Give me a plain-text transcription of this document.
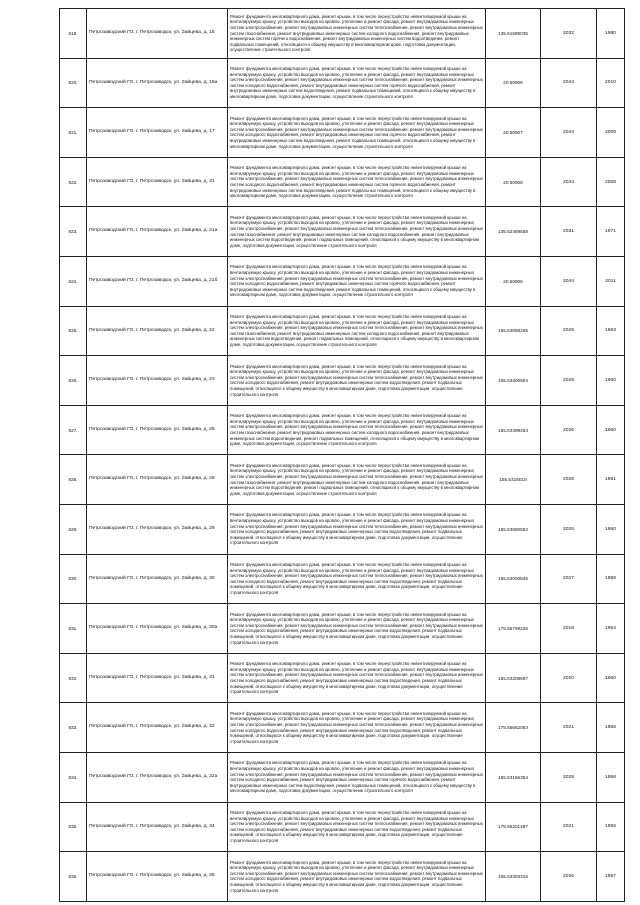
819.	Петрозаводский ГО, г. Петрозаводск, ул. Зайцева, д. 15	Ремонт фундамента многоквартирного дома, ремонт крыши, в том числе переустройство невентилируемой крыши на вентилируемую крышу, устройство выходов на кровлю, утепление и ремонт фасада, ремонт внутридомовых инженерных систем электроснабжения, ремонт внутридомовых инженерных систем теплоснабжения, ремонт внутридомовых инженерных систем газоснабжения, ремонт внутридомовых инженерных систем холодного водоснабжения, ремонт внутридомовых инженерных систем горячего водоснабжения, ремонт внутридомовых инженерных систем водоотведения, ремонт подвальных помещений, относящихся к общему имуществу в многоквартирном доме, подготовка документации, осуществление строительного контроля	135.51689035	2032	1980
820.	Петрозаводский ГО, г. Петрозаводск, ул. Зайцева, д. 15а	Ремонт фундамента многоквартирного дома, ремонт крыши, в том числе переустройство невентилируемой крыши на вентилируемую крышу, устройство выходов на кровлю, утепление и ремонт фасада, ремонт внутридомовых инженерных систем электроснабжения, ремонт внутридомовых инженерных систем теплоснабжения, ремонт внутридомовых инженерных систем холодного водоснабжения, ремонт внутридомовых инженерных систем горячего водоснабжения, ремонт внутридомовых инженерных систем водоотведения, ремонт подвальных помещений, относящихся к общему имуществу в многоквартирном доме, подготовка документации, осуществление строительного контроля	20.50906	2044	2010
821.	Петрозаводский ГО, г. Петрозаводск, ул. Зайцева, д. 17	Ремонт фундамента многоквартирного дома, ремонт крыши, в том числе переустройство невентилируемой крыши на вентилируемую крышу, устройство выходов на кровлю, утепление и ремонт фасада, ремонт внутридомовых инженерных систем электроснабжения, ремонт внутридомовых инженерных систем теплоснабжения, ремонт внутридомовых инженерных систем холодного водоснабжения, ремонт внутридомовых инженерных систем горячего водоснабжения, ремонт внутридомовых инженерных систем водоотведения, ремонт подвальных помещений, относящихся к общему имуществу в многоквартирном доме, подготовка документации, осуществление строительного контроля	20.50907	2044	2009
822.	Петрозаводский ГО, г. Петрозаводск, ул. Зайцева, д. 21	Ремонт фундамента многоквартирного дома, ремонт крыши, в том числе переустройство невентилируемой крыши на вентилируемую крышу, устройство выходов на кровлю, утепление и ремонт фасада, ремонт внутридомовых инженерных систем электроснабжения, ремонт внутридомовых инженерных систем теплоснабжения, ремонт внутридомовых инженерных систем холодного водоснабжения, ремонт внутридомовых инженерных систем горячего водоснабжения, ремонт внутридомовых инженерных систем водоотведения, ремонт подвальных помещений, относящихся к общему имуществу в многоквартирном доме, подготовка документации, осуществление строительного контроля	20.50908	2044	2008
823.	Петрозаводский ГО, г. Петрозаводск, ул. Зайцева, д. 21а	Ремонт фундамента многоквартирного дома, ремонт крыши, в том числе переустройство невентилируемой крыши на вентилируемую крышу, устройство выходов на кровлю, утепление и ремонт фасада, ремонт внутридомовых инженерных систем электроснабжения, ремонт внутридомовых инженерных систем теплоснабжения, ремонт внутридомовых инженерных систем газоснабжения, ремонт внутридомовых инженерных систем холодного водоснабжения, ремонт внутридомовых инженерных систем водоотведения, ремонт подвальных помещений, относящихся к общему имуществу в многоквартирном доме, подготовка документации, осуществление строительного контроля	135.52489658	2031	1971
824.	Петрозаводский ГО, г. Петрозаводск, ул. Зайцева, д. 21б	Ремонт фундамента многоквартирного дома, ремонт крыши, в том числе переустройство невентилируемой крыши на вентилируемую крышу, устройство выходов на кровлю, утепление и ремонт фасада, ремонт внутридомовых инженерных систем электроснабжения, ремонт внутридомовых инженерных систем теплоснабжения, ремонт внутридомовых инженерных систем холодного водоснабжения, ремонт внутридомовых инженерных систем горячего водоснабжения, ремонт внутридомовых инженерных систем водоотведения, ремонт подвальных помещений, относящихся к общему имуществу в многоквартирном доме, подготовка документации, осуществление строительного контроля	20.50906	2044	2011
825.	Петрозаводский ГО, г. Петрозаводск, ул. Зайцева, д. 22	Ремонт фундамента многоквартирного дома, ремонт крыши, в том числе переустройство невентилируемой крыши на вентилируемую крышу, устройство выходов на кровлю, утепление и ремонт фасада, ремонт внутридомовых инженерных систем электроснабжения, ремонт внутридомовых инженерных систем теплоснабжения, ремонт внутридомовых инженерных систем газоснабжения, ремонт внутридомовых инженерных систем холодного водоснабжения, ремонт внутридомовых инженерных систем водоотведения, ремонт подвальных помещений, относящихся к общему имуществу в многоквартирном доме, подготовка документации, осуществление строительного контроля	155.53068265	2029	1963
826.	Петрозаводский ГО, г. Петрозаводск, ул. Зайцева, д. 23	Ремонт фундамента многоквартирного дома, ремонт крыши, в том числе переустройство невентилируемой крыши на вентилируемую крышу, устройство выходов на кровлю, утепление и ремонт фасада, ремонт внутридомовых инженерных систем электроснабжения, ремонт внутридомовых инженерных систем теплоснабжения, ремонт внутридомовых инженерных систем холодного водоснабжения, ремонт внутридомовых инженерных систем водоотведения, ремонт подвальных помещений, относящихся к общему имуществу в многоквартирном доме, подготовка документации, осуществление строительного контроля	155.53400594	2028	1960
827.	Петрозаводский ГО, г. Петрозаводск, ул. Зайцева, д. 25	Ремонт фундамента многоквартирного дома, ремонт крыши, в том числе переустройство невентилируемой крыши на вентилируемую крышу, устройство выходов на кровлю, утепление и ремонт фасада, ремонт внутридомовых инженерных систем электроснабжения, ремонт внутридомовых инженерных систем теплоснабжения, ремонт внутридомовых инженерных систем газоснабжения, ремонт внутридомовых инженерных систем холодного водоснабжения, ремонт внутридомовых инженерных систем водоотведения, ремонт подвальных помещений, относящихся к общему имуществу в многоквартирном доме, подготовка документации, осуществление строительного контроля	155.53399453	2026	1960
828.	Петрозаводский ГО, г. Петрозаводск, ул. Зайцева, д. 28	Ремонт фундамента многоквартирного дома, ремонт крыши, в том числе переустройство невентилируемой крыши на вентилируемую крышу, устройство выходов на кровлю, утепление и ремонт фасада, ремонт внутридомовых инженерных систем электроснабжения, ремонт внутридомовых инженерных систем теплоснабжения, ремонт внутридомовых инженерных систем газоснабжения, ремонт внутридомовых инженерных систем холодного водоснабжения, ремонт внутридомовых инженерных систем водоотведения, ремонт подвальных помещений, относящихся к общему имуществу в многоквартирном доме, подготовка документации, осуществление строительного контроля	155.5316019	2026	1961
829.	Петрозаводский ГО, г. Петрозаводск, ул. Зайцева, д. 29	Ремонт фундамента многоквартирного дома, ремонт крыши, в том числе переустройство невентилируемой крыши на вентилируемую крышу, устройство выходов на кровлю, утепление и ремонт фасада, ремонт внутридомовых инженерных систем электроснабжения, ремонт внутридомовых инженерных систем теплоснабжения, ремонт внутридомовых инженерных систем холодного водоснабжения, ремонт внутридомовых инженерных систем водоотведения, ремонт подвальных помещений, относящихся к общему имуществу в многоквартирном доме, подготовка документации, осуществление строительного контроля	155.53680552	2026	1960
830.	Петрозаводский ГО, г. Петрозаводск, ул. Зайцева, д. 30	Ремонт фундамента многоквартирного дома, ремонт крыши, в том числе переустройство невентилируемой крыши на вентилируемую крышу, устройство выходов на кровлю, утепление и ремонт фасада, ремонт внутридомовых инженерных систем электроснабжения, ремонт внутридомовых инженерных систем теплоснабжения, ремонт внутридомовых инженерных систем холодного водоснабжения, ремонт внутридомовых инженерных систем водоотведения, ремонт подвальных помещений, относящихся к общему имуществу в многоквартирном доме, подготовка документации, осуществление строительного контроля	155.53000845	2027	1958
831.	Петрозаводский ГО, г. Петрозаводск, ул. Зайцева, д. 30а	Ремонт фундамента многоквартирного дома, ремонт крыши, в том числе переустройство невентилируемой крыши на вентилируемую крышу, устройство выходов на кровлю, утепление и ремонт фасада, ремонт внутридомовых инженерных систем электроснабжения, ремонт внутридомовых инженерных систем теплоснабжения, ремонт внутридомовых инженерных систем холодного водоснабжения, ремонт внутридомовых инженерных систем водоотведения, ремонт подвальных помещений, относящихся к общему имуществу в многоквартирном доме, подготовка документации, осуществление строительного контроля	175.55799226	2018	1954
832.	Петрозаводский ГО, г. Петрозаводск, ул. Зайцева, д. 31	Ремонт фундамента многоквартирного дома, ремонт крыши, в том числе переустройство невентилируемой крыши на вентилируемую крышу, устройство выходов на кровлю, утепление и ремонт фасада, ремонт внутридомовых инженерных систем электроснабжения, ремонт внутридомовых инженерных систем теплоснабжения, ремонт внутридомовых инженерных систем холодного водоснабжения, ремонт внутридомовых инженерных систем водоотведения, ремонт подвальных помещений, относящихся к общему имуществу в многоквартирном доме, подготовка документации, осуществление строительного контроля	155.53208697	2020	1960
833.	Петрозаводский ГО, г. Петрозаводск, ул. Зайцева, д. 32	Ремонт фундамента многоквартирного дома, ремонт крыши, в том числе переустройство невентилируемой крыши на вентилируемую крышу, устройство выходов на кровлю, утепление и ремонт фасада, ремонт внутридомовых инженерных систем электроснабжения, ремонт внутридомовых инженерных систем теплоснабжения, ремонт внутридомовых инженерных систем холодного водоснабжения, ремонт внутридомовых инженерных систем водоотведения, ремонт подвальных помещений, относящихся к общему имуществу в многоквартирном доме, подготовка документации, осуществление строительного контроля	175.55662053	2021	1958
834.	Петрозаводский ГО, г. Петрозаводск, ул. Зайцева, д. 32а	Ремонт фундамента многоквартирного дома, ремонт крыши, в том числе переустройство невентилируемой крыши на вентилируемую крышу, устройство выходов на кровлю, утепление и ремонт фасада, ремонт внутридомовых инженерных систем электроснабжения, ремонт внутридомовых инженерных систем теплоснабжения, ремонт внутридомовых инженерных систем холодного водоснабжения, ремонт внутридомовых инженерных систем горячего водоснабжения, ремонт внутридомовых инженерных систем водоотведения, ремонт подвальных помещений, относящихся к общему имуществу в многоквартирном доме, подготовка документации, осуществление строительного контроля	155.53166354	2028	1958
835.	Петрозаводский ГО, г. Петрозаводск, ул. Зайцева, д. 34	Ремонт фундамента многоквартирного дома, ремонт крыши, в том числе переустройство невентилируемой крыши на вентилируемую крышу, устройство выходов на кровлю, утепление и ремонт фасада, ремонт внутридомовых инженерных систем электроснабжения, ремонт внутридомовых инженерных систем теплоснабжения, ремонт внутридомовых инженерных систем холодного водоснабжения, ремонт внутридомовых инженерных систем водоотведения, ремонт подвальных помещений, относящихся к общему имуществу в многоквартирном доме, подготовка документации, осуществление строительного контроля	175.55201487	2021	1956
836.	Петрозаводский ГО, г. Петрозаводск, ул. Зайцева, д. 35	Ремонт фундамента многоквартирного дома, ремонт крыши, в том числе переустройство невентилируемой крыши на вентилируемую крышу, устройство выходов на кровлю, утепление и ремонт фасада, ремонт внутридомовых инженерных систем электроснабжения, ремонт внутридомовых инженерных систем теплоснабжения, ремонт внутридомовых инженерных систем холодного водоснабжения, ремонт внутридомовых инженерных систем водоотведения, ремонт подвальных помещений, относящихся к общему имуществу в многоквартирном доме, подготовка документации, осуществление строительного контроля	155.53303315	2026	1957
